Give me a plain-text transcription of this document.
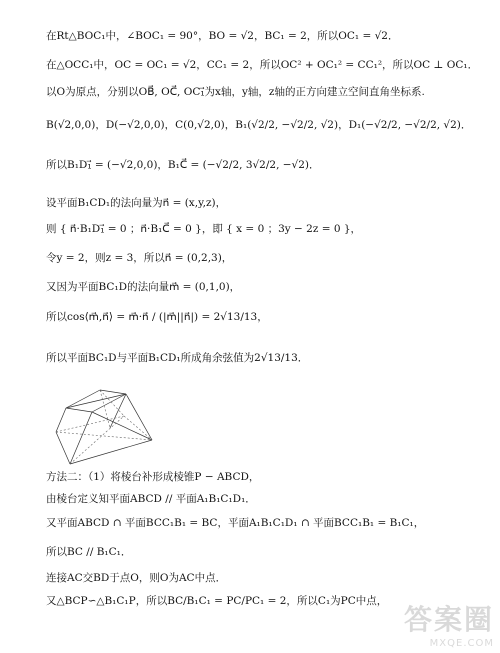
在Rt△BOC₁中，∠BOC₁ = 90°，BO = √2，BC₁ = 2，所以OC₁ = √2．
在△OCC₁中，OC = OC₁ = √2，CC₁ = 2，所以OC² + OC₁² = CC₁²，所以OC ⊥ OC₁．
以O为原点，分别以OB⃗, OC⃗, OC₁⃗为x轴，y轴，z轴的正方向建立空间直角坐标系.
B(√2,0,0)，D(−√2,0,0)，C(0,√2,0)，B₁(√2/2, −√2/2, √2)，D₁(−√2/2, −√2/2, √2)．
所以B₁D₁⃗ = (−√2,0,0)，B₁C⃗ = (−√2/2, 3√2/2, −√2)．
设平面B₁CD₁的法向量为n⃗ = (x,y,z)，
则 { n⃗·B₁D₁⃗ = 0 ；n⃗·B₁C⃗ = 0 }，即 { x = 0 ；3y − 2z = 0 }，
令y = 2，则z = 3，所以n⃗ = (0,2,3)，
又因为平面BC₁D的法向量m⃗ = (0,1,0)，
所以cos⟨m⃗,n⃗⟩ = m⃗·n⃗ / (|m⃗||n⃗|) = 2√13/13，
所以平面BC₁D与平面B₁CD₁所成角余弦值为2√13/13．
方法二：（1）将棱台补形成棱锥P − ABCD，
由棱台定义知平面ABCD // 平面A₁B₁C₁D₁．
又平面ABCD ∩ 平面BCC₁B₁ = BC，平面A₁B₁C₁D₁ ∩ 平面BCC₁B₁ = B₁C₁，
所以BC // B₁C₁．
连接AC交BD于点O，则O为AC中点．
又△BCP∽△B₁C₁P，所以BC/B₁C₁ = PC/PC₁ = 2，所以C₁为PC中点，
答案圈
MXQE.COM
